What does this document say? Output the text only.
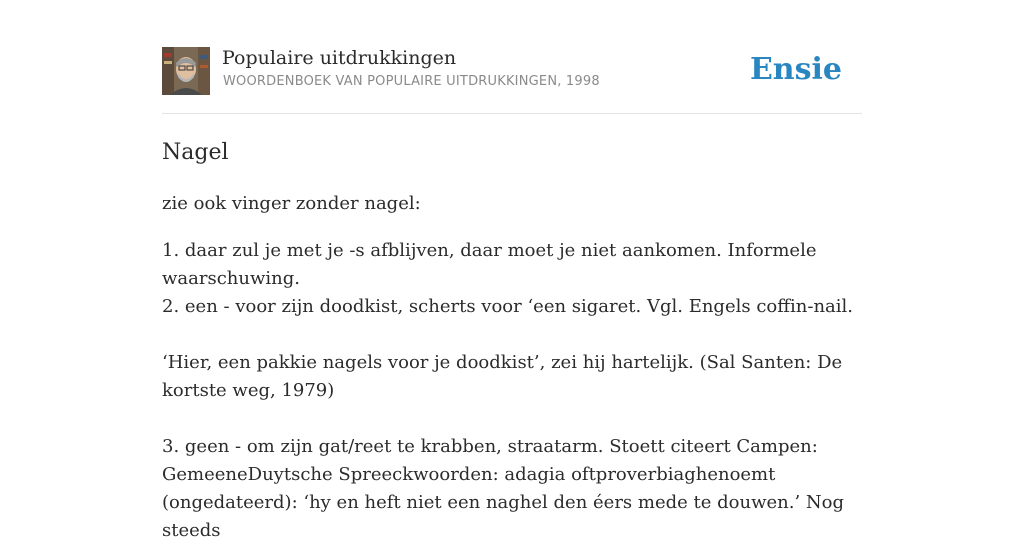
Populaire uitdrukkingen
WOORDENBOEK VAN POPULAIRE UITDRUKKINGEN, 1998	Ensie
Nagel
zie ook vinger zonder nagel:

1. daar zul je met je -s afblijven, daar moet je niet aankomen. Informele waarschuwing.

2. een - voor zijn doodkist, scherts voor ‘een sigaret. Vgl. Engels coffin-nail.

‘Hier, een pakkie nagels voor je doodkist’, zei hij hartelijk. (Sal Santen: De kortste weg, 1979)

3. geen - om zijn gat/reet te krabben, straatarm. Stoett citeert Campen: GemeeneDuytsche Spreeckwoorden: adagia oftproverbiaghenoemt (ongedateerd): ‘hy en heft niet een naghel den éers mede te douwen.’ Nog steeds
